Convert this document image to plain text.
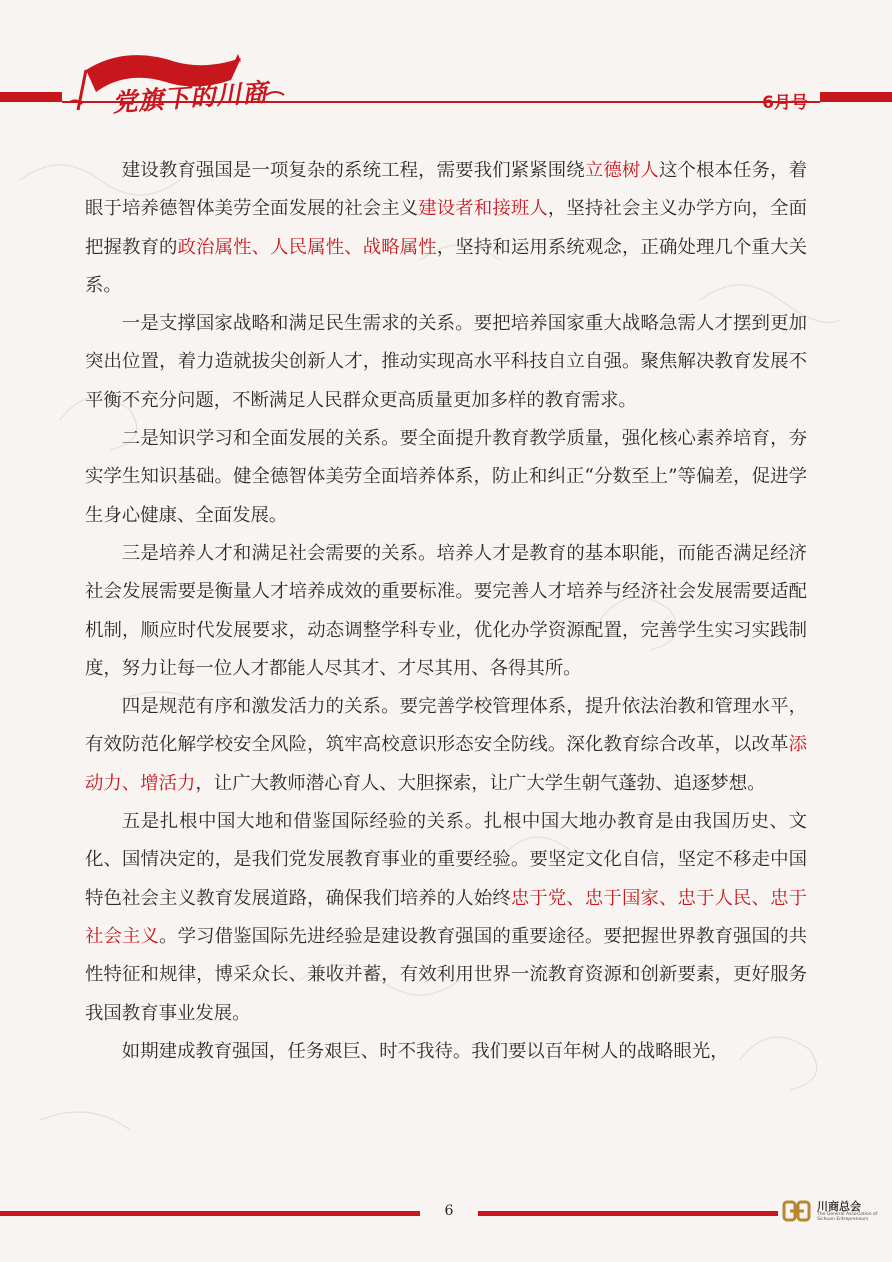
党旗下的川商	6月号

建设教育强国是一项复杂的系统工程，需要我们紧紧围绕立德树人这个根本任务，着眼于培养德智体美劳全面发展的社会主义建设者和接班人，坚持社会主义办学方向，全面把握教育的政治属性、人民属性、战略属性，坚持和运用系统观念，正确处理几个重大关系。

一是支撑国家战略和满足民生需求的关系。要把培养国家重大战略急需人才摆到更加突出位置，着力造就拔尖创新人才，推动实现高水平科技自立自强。聚焦解决教育发展不平衡不充分问题，不断满足人民群众更高质量更加多样的教育需求。

二是知识学习和全面发展的关系。要全面提升教育教学质量，强化核心素养培育，夯实学生知识基础。健全德智体美劳全面培养体系，防止和纠正“分数至上”等偏差，促进学生身心健康、全面发展。

三是培养人才和满足社会需要的关系。培养人才是教育的基本职能，而能否满足经济社会发展需要是衡量人才培养成效的重要标准。要完善人才培养与经济社会发展需要适配机制，顺应时代发展要求，动态调整学科专业，优化办学资源配置，完善学生实习实践制度，努力让每一位人才都能人尽其才、才尽其用、各得其所。

四是规范有序和激发活力的关系。要完善学校管理体系，提升依法治教和管理水平，有效防范化解学校安全风险，筑牢高校意识形态安全防线。深化教育综合改革，以改革添动力、增活力，让广大教师潜心育人、大胆探索，让广大学生朝气蓬勃、追逐梦想。

五是扎根中国大地和借鉴国际经验的关系。扎根中国大地办教育是由我国历史、文化、国情决定的，是我们党发展教育事业的重要经验。要坚定文化自信，坚定不移走中国特色社会主义教育发展道路，确保我们培养的人始终忠于党、忠于国家、忠于人民、忠于社会主义。学习借鉴国际先进经验是建设教育强国的重要途径。要把握世界教育强国的共性特征和规律，博采众长、兼收并蓄，有效利用世界一流教育资源和创新要素，更好服务我国教育事业发展。

如期建成教育强国，任务艰巨、时不我待。我们要以百年树人的战略眼光，

6	川商总会
The General Association of Sichuan Entrepreneurs
